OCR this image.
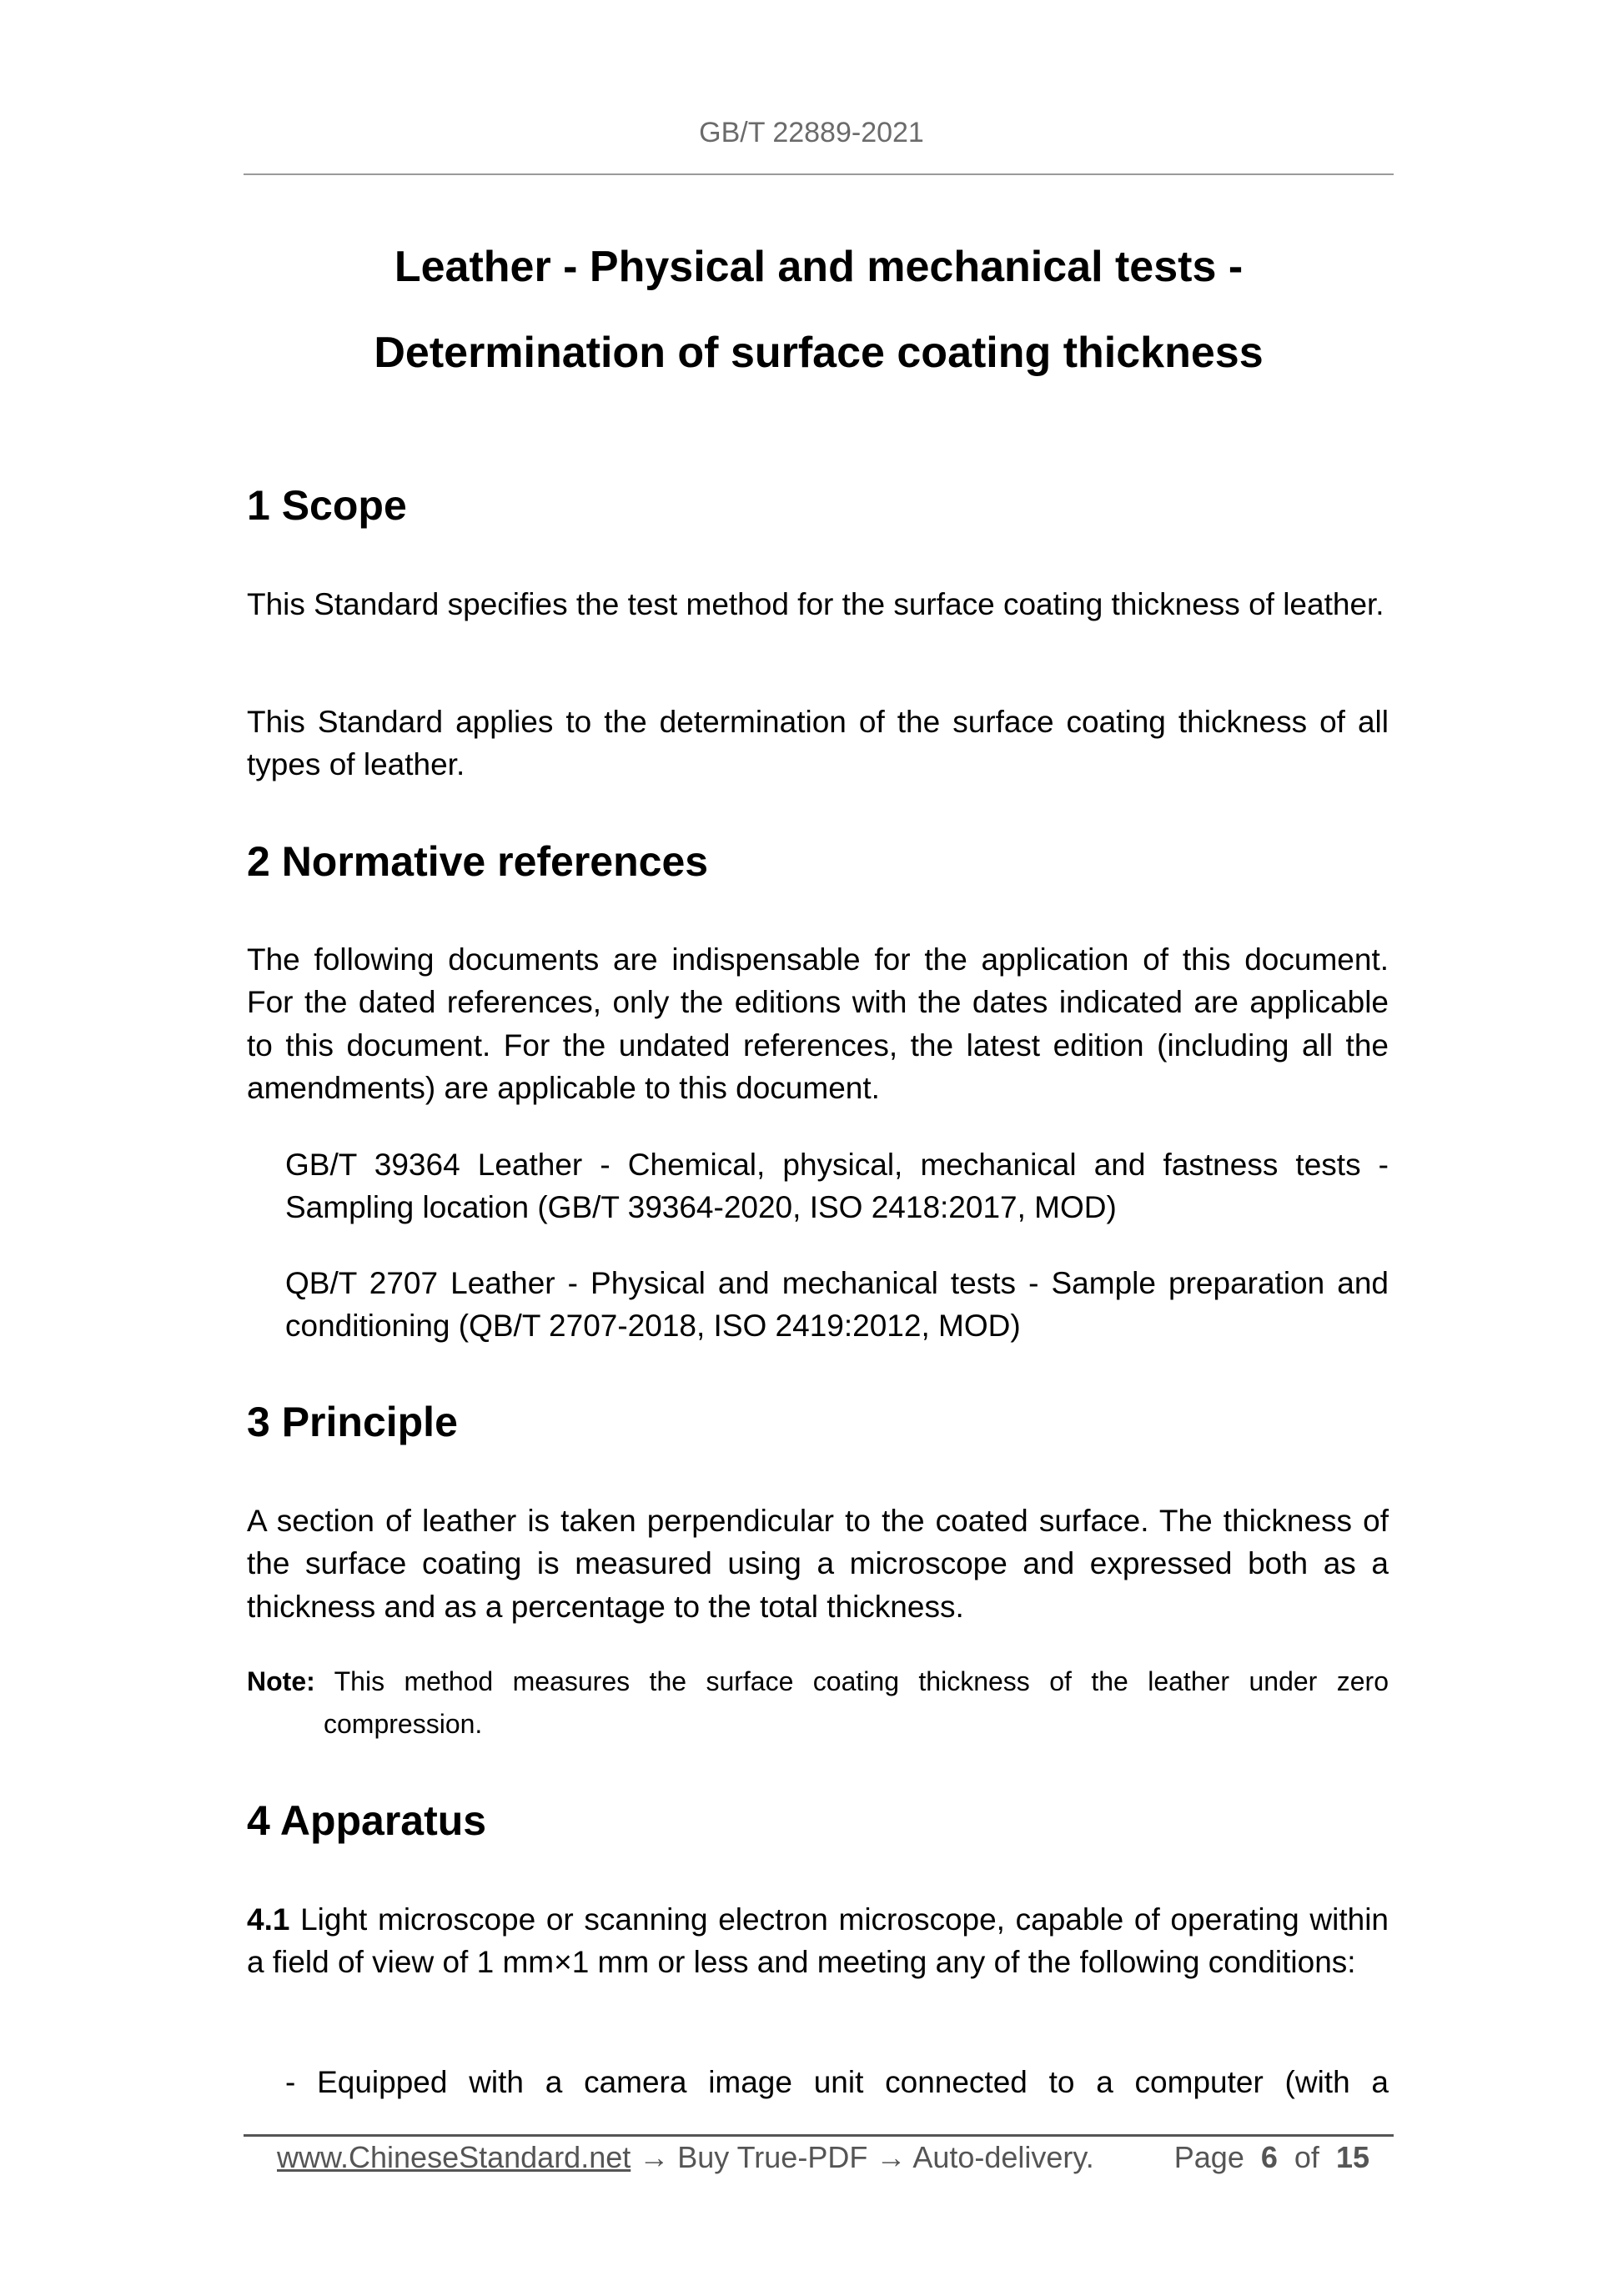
GB/T 22889-2021
Leather - Physical and mechanical tests -
Determination of surface coating thickness
1 Scope
This Standard specifies the test method for the surface coating thickness of leather.
This Standard applies to the determination of the surface coating thickness of all types of leather.
2 Normative references
The following documents are indispensable for the application of this document. For the dated references, only the editions with the dates indicated are applicable to this document. For the undated references, the latest edition (including all the amendments) are applicable to this document.
GB/T 39364 Leather - Chemical, physical, mechanical and fastness tests - Sampling location (GB/T 39364-2020, ISO 2418:2017, MOD)
QB/T 2707 Leather - Physical and mechanical tests - Sample preparation and conditioning (QB/T 2707-2018, ISO 2419:2012, MOD)
3 Principle
A section of leather is taken perpendicular to the coated surface. The thickness of the surface coating is measured using a microscope and expressed both as a thickness and as a percentage to the total thickness.
Note: This method measures the surface coating thickness of the leather under zero
compression.
4 Apparatus
4.1 Light microscope or scanning electron microscope, capable of operating within a field of view of 1 mm×1 mm or less and meeting any of the following conditions:
- Equipped with a camera image unit connected to a computer (with a
www.ChineseStandard.net → Buy True-PDF → Auto-delivery.	Page 6 of 15
